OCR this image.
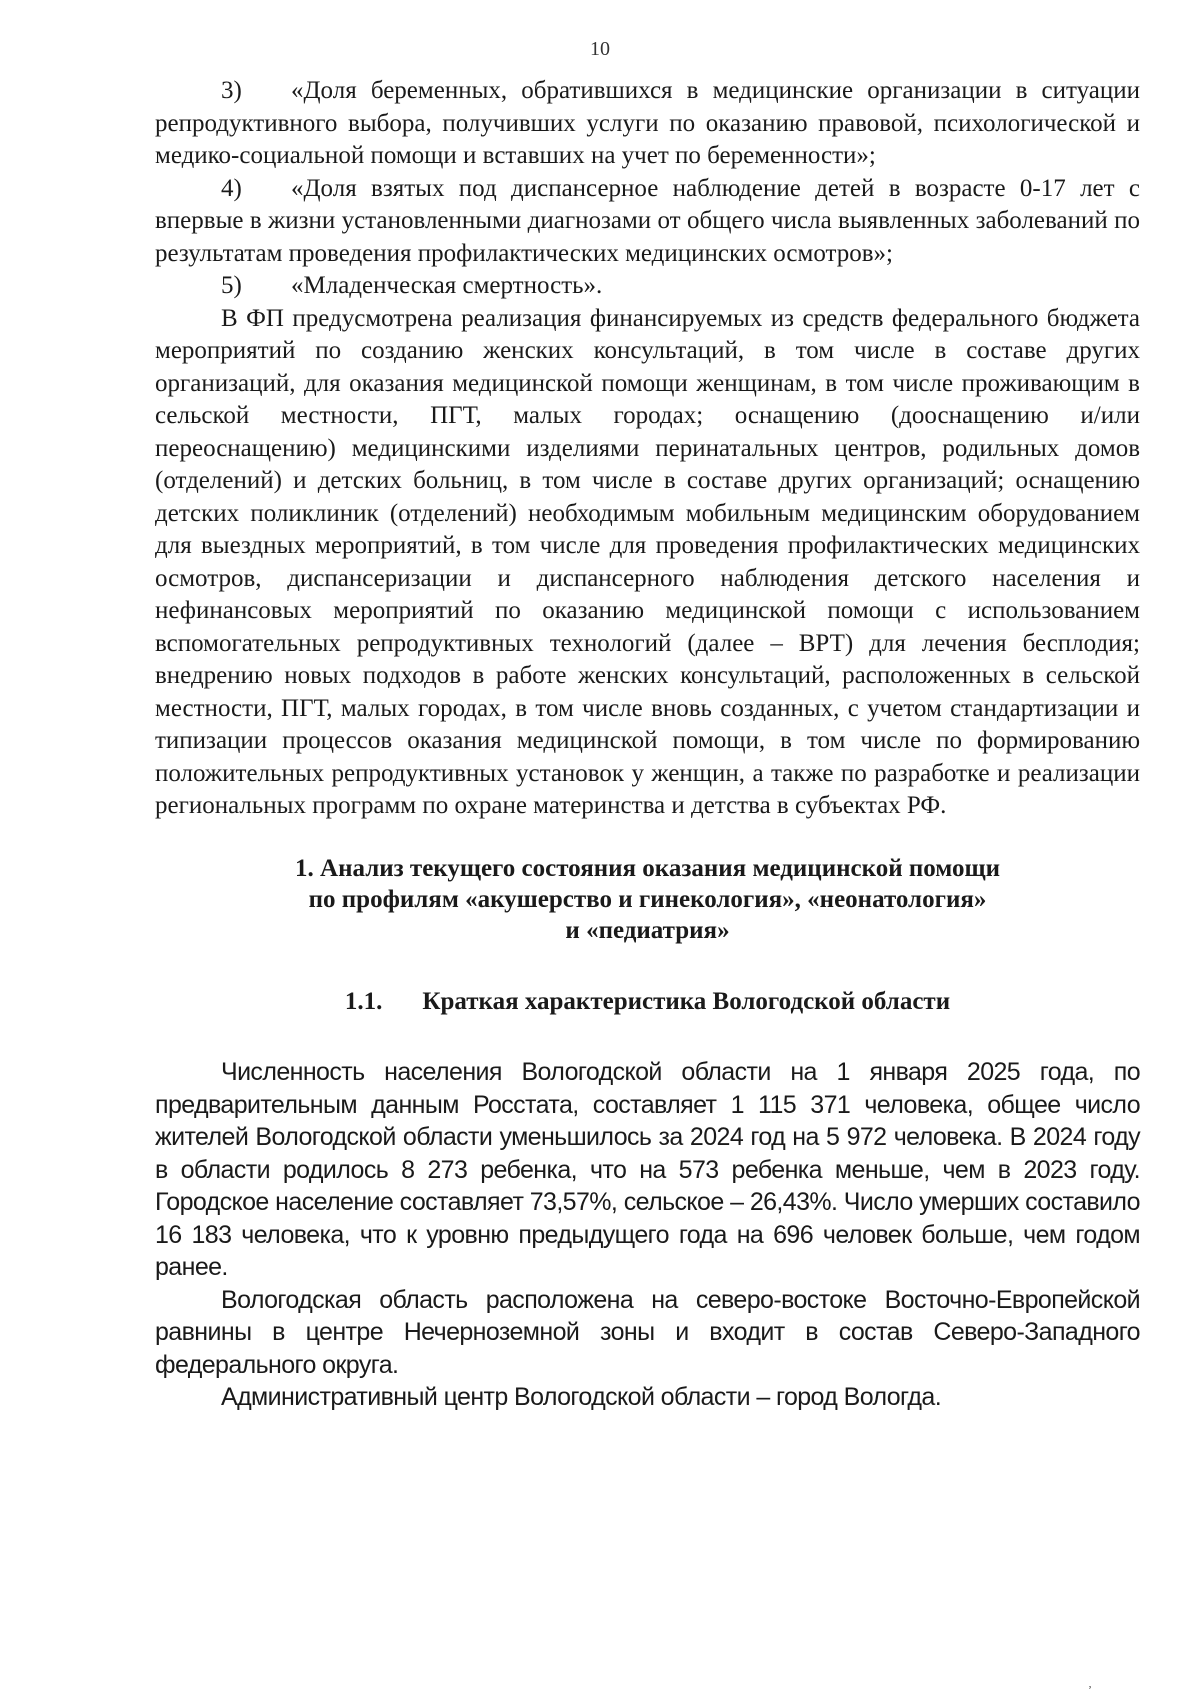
10

3) «Доля беременных, обратившихся в медицинские организации в ситуации репродуктивного выбора, получивших услуги по оказанию правовой, психологической и медико-социальной помощи и вставших на учет по беременности»;

4) «Доля взятых под диспансерное наблюдение детей в возрасте 0-17 лет с впервые в жизни установленными диагнозами от общего числа выявленных заболеваний по результатам проведения профилактических медицинских осмотров»;

5) «Младенческая смертность».

В ФП предусмотрена реализация финансируемых из средств федерального бюджета мероприятий по созданию женских консультаций, в том числе в составе других организаций, для оказания медицинской помощи женщинам, в том числе проживающим в сельской местности, ПГТ, малых городах; оснащению (дооснащению и/или переоснащению) медицинскими изделиями перинатальных центров, родильных домов (отделений) и детских больниц, в том числе в составе других организаций; оснащению детских поликлиник (отделений) необходимым мобильным медицинским оборудованием для выездных мероприятий, в том числе для проведения профилактических медицинских осмотров, диспансеризации и диспансерного наблюдения детского населения и нефинансовых мероприятий по оказанию медицинской помощи с использованием вспомогательных репродуктивных технологий (далее – ВРТ) для лечения бесплодия; внедрению новых подходов в работе женских консультаций, расположенных в сельской местности, ПГТ, малых городах, в том числе вновь созданных, с учетом стандартизации и типизации процессов оказания медицинской помощи, в том числе по формированию положительных репродуктивных установок у женщин, а также по разработке и реализации региональных программ по охране материнства и детства в субъектах РФ.

1. Анализ текущего состояния оказания медицинской помощи
по профилям «акушерство и гинекология», «неонатология»
и «педиатрия»
1.1. Краткая характеристика Вологодской области

Численность населения Вологодской области на 1 января 2025 года, по предварительным данным Росстата, составляет 1 115 371 человека, общее число жителей Вологодской области уменьшилось за 2024 год на 5 972 человека. В 2024 году в области родилось 8 273 ребенка, что на 573 ребенка меньше, чем в 2023 году. Городское население составляет 73,57%, сельское – 26,43%. Число умерших составило 16 183 человека, что к уровню предыдущего года на 696 человек больше, чем годом ранее.

Вологодская область расположена на северо-востоке Восточно-Европейской равнины в центре Нечерноземной зоны и входит в состав Северо-Западного федерального округа.

Административный центр Вологодской области – город Вологда.

ʼ
